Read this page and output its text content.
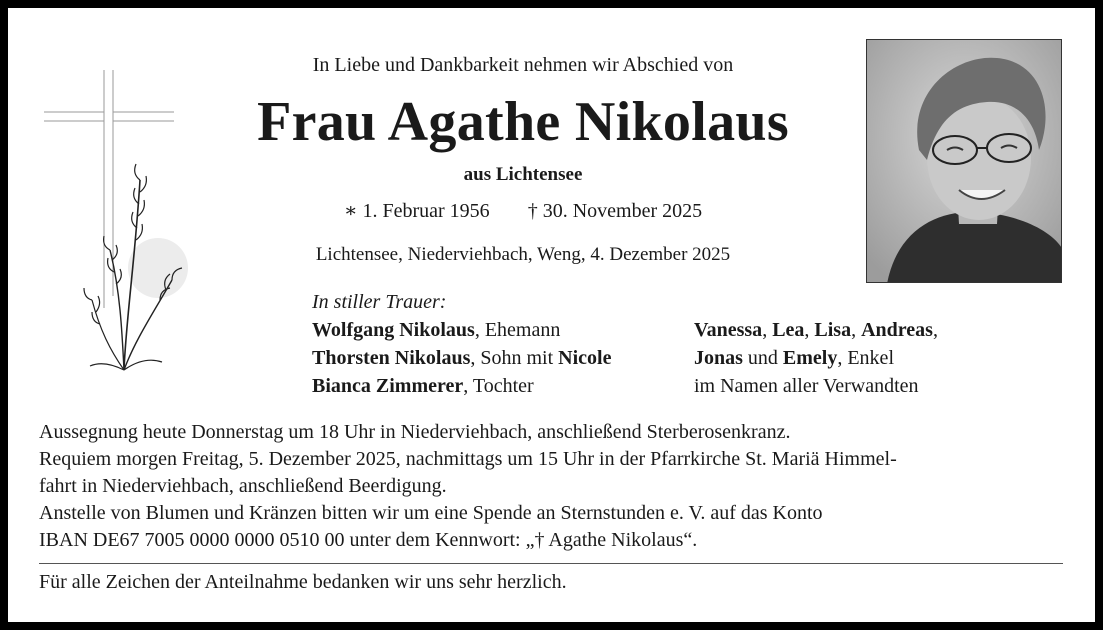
In Liebe und Dankbarkeit nehmen wir Abschied von
Frau Agathe Nikolaus
aus Lichtensee
∗ 1. Februar 1956 † 30. November 2025
Lichtensee, Niederviehbach, Weng, 4. Dezember 2025
In stiller Trauer:
Wolfgang Nikolaus, Ehemann
Thorsten Nikolaus, Sohn mit Nicole
Bianca Zimmerer, Tochter
Vanessa, Lea, Lisa, Andreas,
Jonas und Emely, Enkel
im Namen aller Verwandten

Aussegnung heute Donnerstag um 18 Uhr in Niederviehbach, anschließend Sterberosenkranz.

Requiem morgen Freitag, 5. Dezember 2025, nachmittags um 15 Uhr in der Pfarrkirche St. Mariä Himmel-

fahrt in Niederviehbach, anschließend Beerdigung.

Anstelle von Blumen und Kränzen bitten wir um eine Spende an Sternstunden e. V. auf das Konto

IBAN DE67 7005 0000 0000 0510 00 unter dem Kennwort: „† Agathe Nikolaus“.

Für alle Zeichen der Anteilnahme bedanken wir uns sehr herzlich.
